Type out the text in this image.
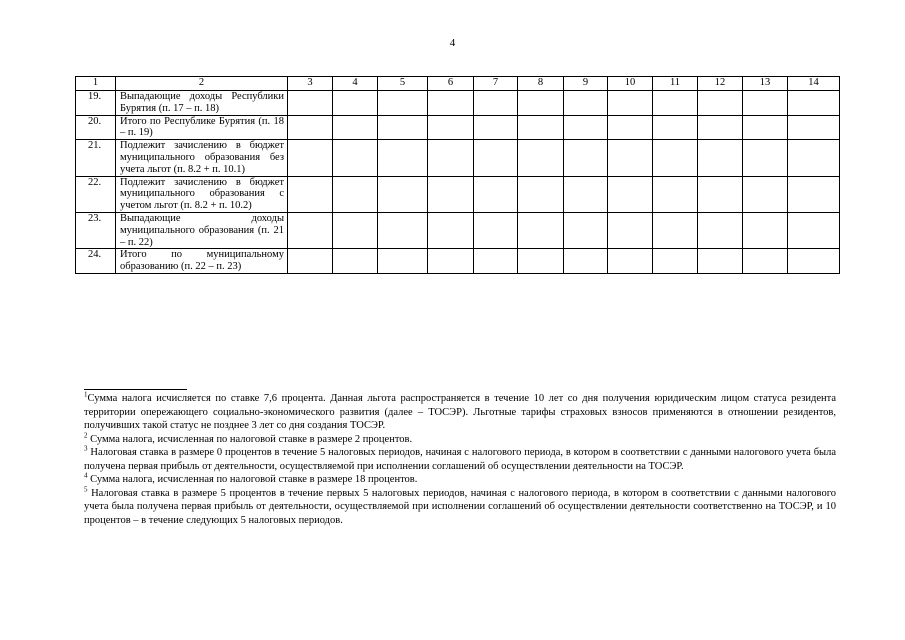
4
1	2	3	4	5	6	7	8	9	10	11	12	13	14
19.	Выпадающие доходы Республики Бурятия (п. 17 – п. 18)												
20.	Итого по Республике Бурятия (п. 18 – п. 19)												
21.	Подлежит зачислению в бюджет муниципального образования без учета льгот (п. 8.2 + п. 10.1)												
22.	Подлежит зачислению в бюджет муниципального образования с учетом льгот (п. 8.2 + п. 10.2)												
23.	Выпадающие доходы муниципального образования (п. 21 – п. 22)												
24.	Итого по муниципальному образованию (п. 22 – п. 23)												

$^1$Сумма налога исчисляется по ставке 7,6 процента. Данная льгота распространяется в течение 10 лет со дня получения юридическим лицом статуса резидента территории опережающего социально-экономического развития (далее – ТОСЭР). Льготные тарифы страховых взносов применяются в отношении резидентов, получивших такой статус не позднее 3 лет со дня создания ТОСЭР.

$^2$ Сумма налога, исчисленная по налоговой ставке в размере 2 процентов.

$^3$ Налоговая ставка в размере 0 процентов в течение 5 налоговых периодов, начиная с налогового периода, в котором в соответствии с данными налогового учета была получена первая прибыль от деятельности, осуществляемой при исполнении соглашений об осуществлении деятельности на ТОСЭР.

$^4$ Сумма налога, исчисленная по налоговой ставке в размере 18 процентов.

$^5$ Налоговая ставка в размере 5 процентов в течение первых 5 налоговых периодов, начиная с налогового периода, в котором в соответствии с данными налогового учета была получена первая прибыль от деятельности, осуществляемой при исполнении соглашений об осуществлении деятельности соответственно на ТОСЭР, и 10 процентов – в течение следующих 5 налоговых периодов.
